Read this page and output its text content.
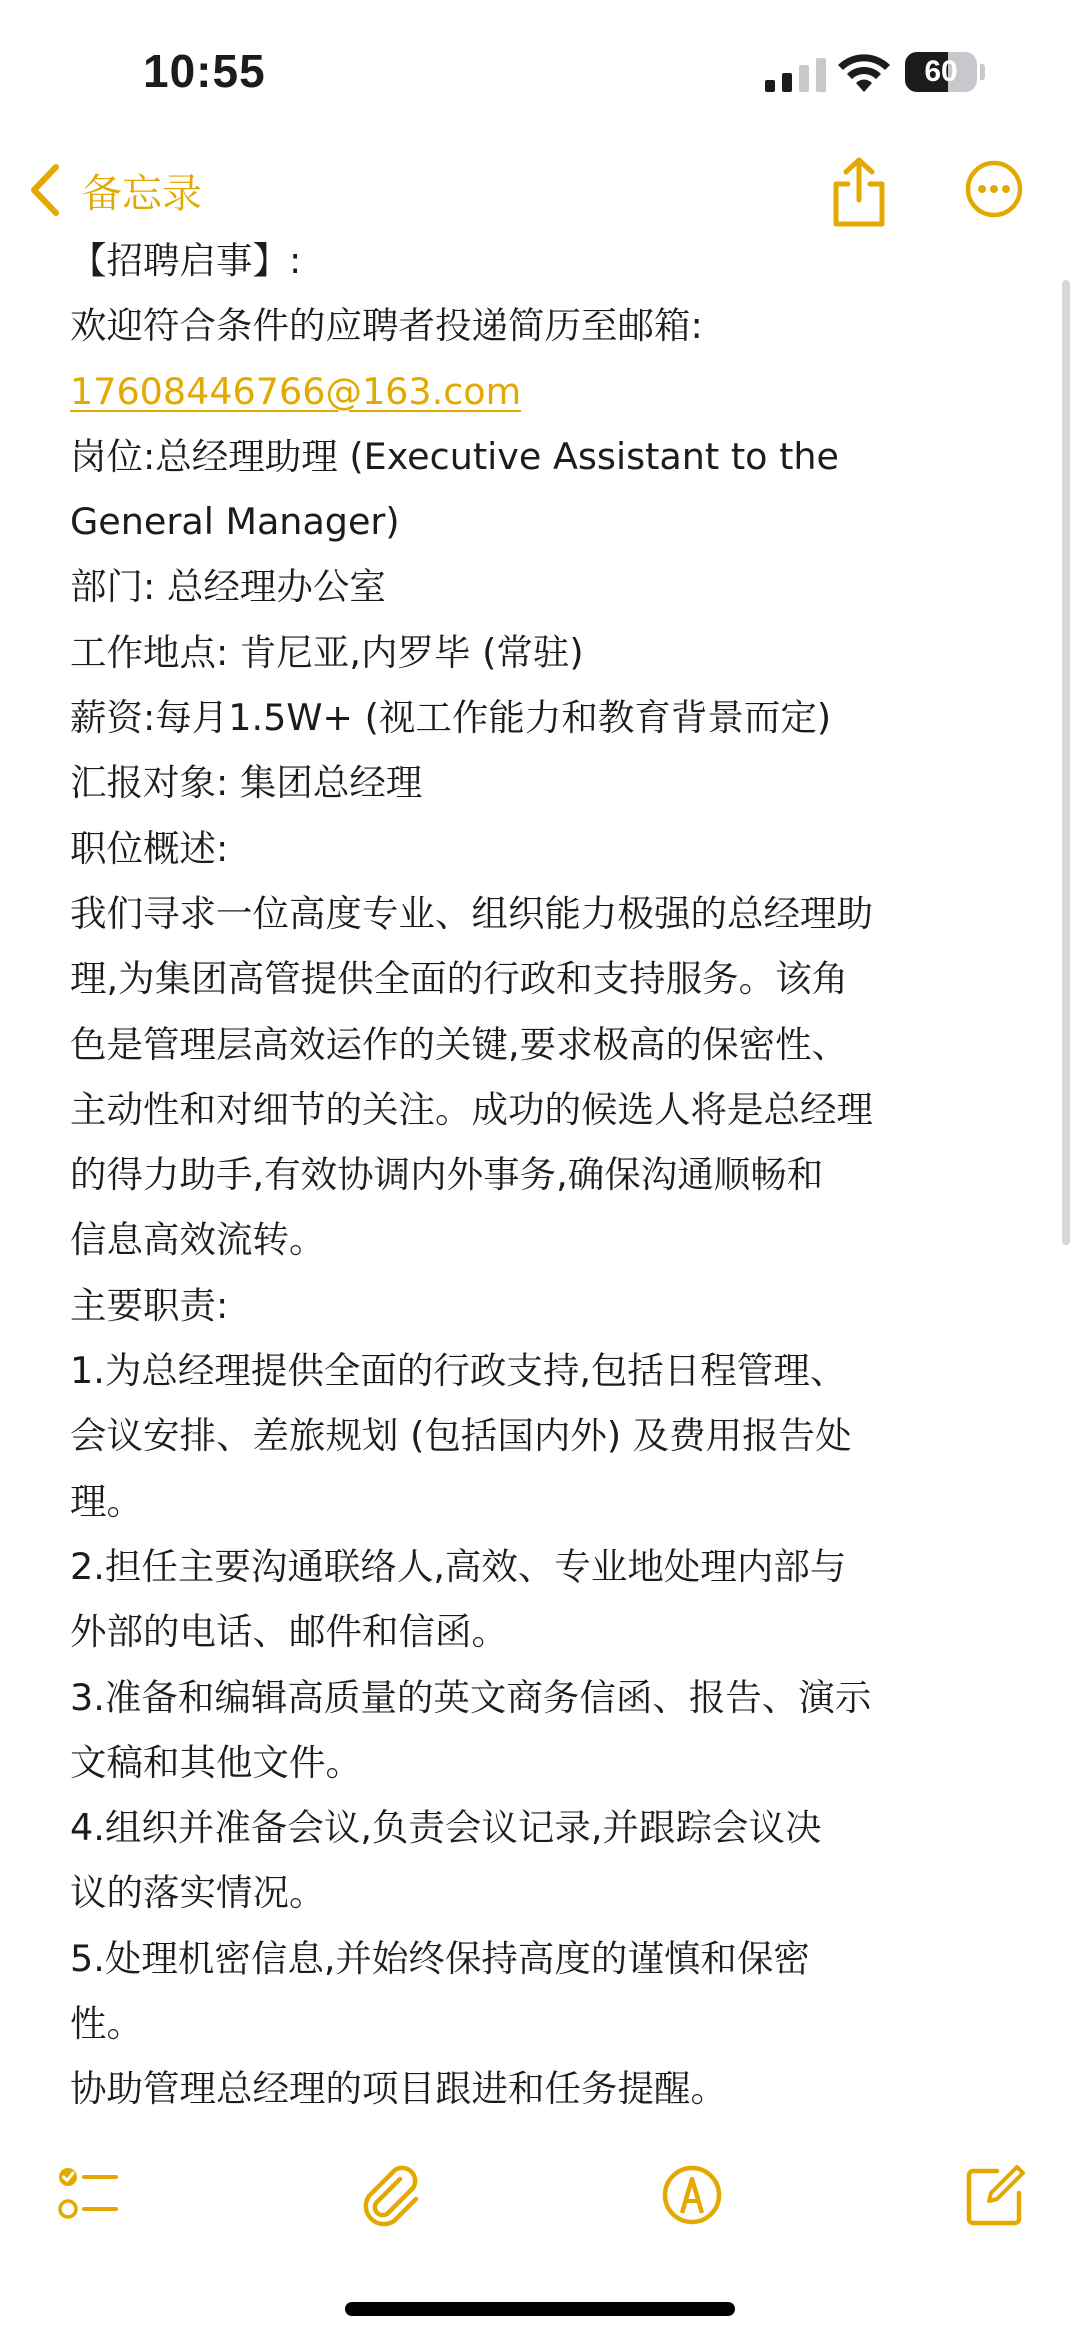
10:55	60
备忘录
【招聘启事】:
欢迎符合条件的应聘者投递简历至邮箱:
17608446766@163.com
岗位:总经理助理 (Executive Assistant to the
General Manager)
部门: 总经理办公室
工作地点: 肯尼亚,内罗毕 (常驻)
薪资:每月1.5W+ (视工作能力和教育背景而定)
汇报对象: 集团总经理
职位概述:
我们寻求一位高度专业、组织能力极强的总经理助
理,为集团高管提供全面的行政和支持服务。该角
色是管理层高效运作的关键,要求极高的保密性、
主动性和对细节的关注。成功的候选人将是总经理
的得力助手,有效协调内外事务,确保沟通顺畅和
信息高效流转。
主要职责:
1.为总经理提供全面的行政支持,包括日程管理、
会议安排、差旅规划 (包括国内外) 及费用报告处
理。
2.担任主要沟通联络人,高效、专业地处理内部与
外部的电话、邮件和信函。
3.准备和编辑高质量的英文商务信函、报告、演示
文稿和其他文件。
4.组织并准备会议,负责会议记录,并跟踪会议决
议的落实情况。
5.处理机密信息,并始终保持高度的谨慎和保密
性。
协助管理总经理的项目跟进和任务提醒。
